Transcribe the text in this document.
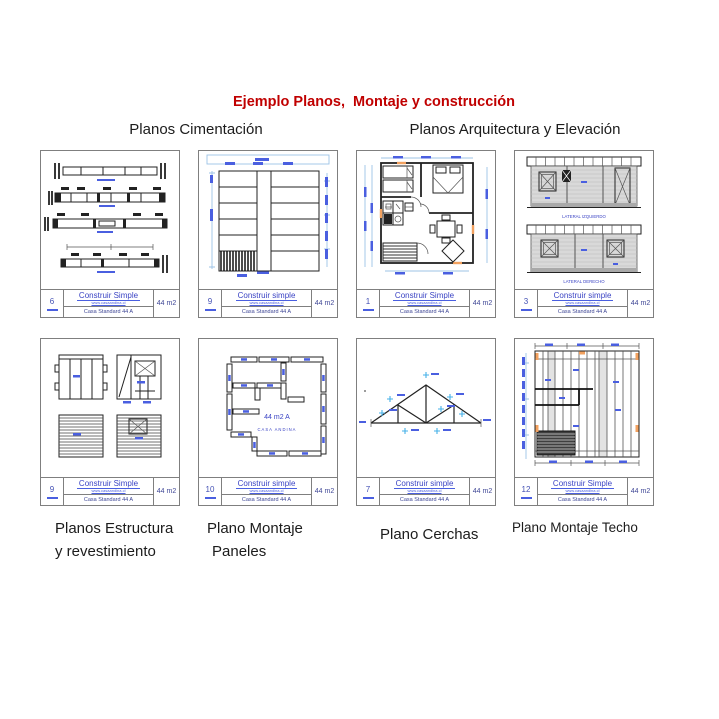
Ejemplo Planos,  Montaje y construcción
Planos Cimentación	Planos Arquitectura y Elevación
6
Construir Simple
www.casaandina.cl
Casa Standard 44 A
44 m2	9
Construir simple
www.casaandina.cl
Casa Standard 44 A
44 m2	1
Construir Simple
www.casaandina.cl
Casa Standard 44 A
44 m2
LATERAL IZQUIERDO
LATERAL DERECHO
3
Construir simple
www.casaandina.cl
Casa Standard 44 A
44 m2
9
Construir Simple
www.casaandina.cl
Casa Standard 44 A
44 m2
44 m2 A
CASA ANDINA
10
Construir simple
www.casaandina.cl
Casa Standard 44 A
44 m2	7
Construir simple
www.casaandina.cl
Casa Standard 44 A
44 m2	12
Construir Simple
www.casaandina.cl
Casa Standard 44 A
44 m2
Planos Estructura
y revestimiento
Plano Montaje
Paneles
Plano Cerchas Plano Montaje Techo
